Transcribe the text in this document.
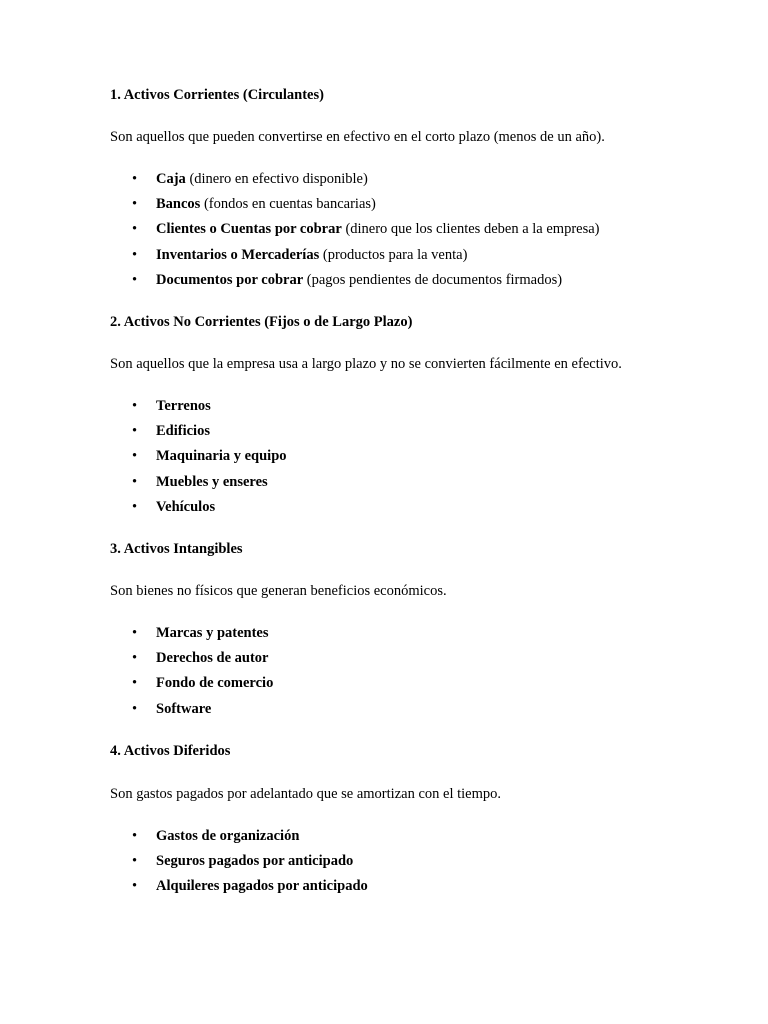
1. Activos Corrientes (Circulantes)

Son aquellos que pueden convertirse en efectivo en el corto plazo (menos de un año).

• Caja (dinero en efectivo disponible)
• Bancos (fondos en cuentas bancarias)
• Clientes o Cuentas por cobrar (dinero que los clientes deben a la empresa)
• Inventarios o Mercaderías (productos para la venta)
• Documentos por cobrar (pagos pendientes de documentos firmados)

2. Activos No Corrientes (Fijos o de Largo Plazo)

Son aquellos que la empresa usa a largo plazo y no se convierten fácilmente en efectivo.

• Terrenos
• Edificios
• Maquinaria y equipo
• Muebles y enseres
• Vehículos

3. Activos Intangibles

Son bienes no físicos que generan beneficios económicos.

• Marcas y patentes
• Derechos de autor
• Fondo de comercio
• Software

4. Activos Diferidos

Son gastos pagados por adelantado que se amortizan con el tiempo.

• Gastos de organización
• Seguros pagados por anticipado
• Alquileres pagados por anticipado
